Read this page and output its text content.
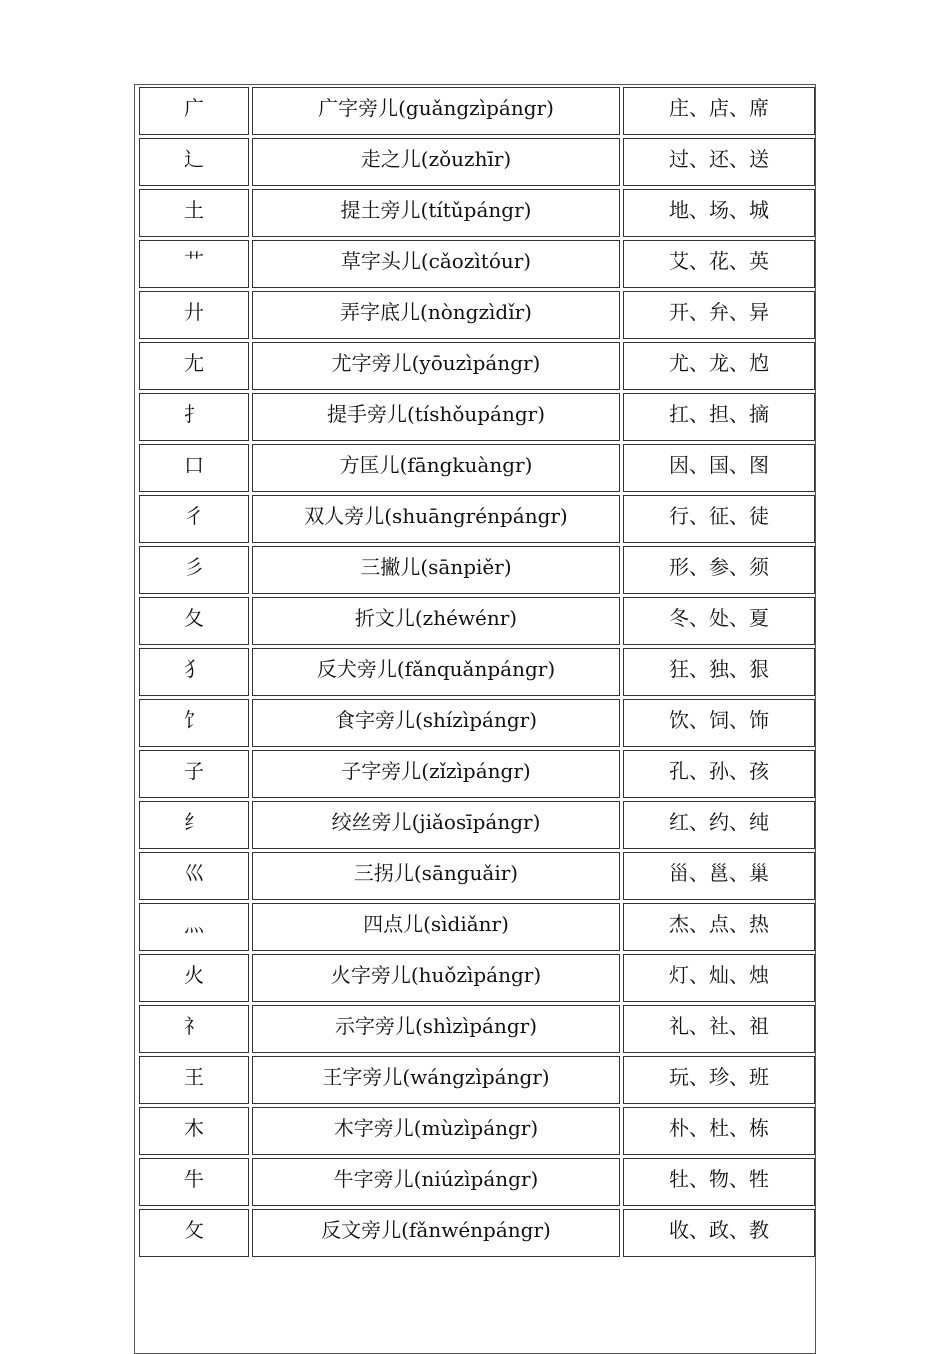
广	广字旁儿(guǎngzìpángr)	庄、店、席

辶	走之儿(zǒuzhīr)	过、还、送

土	提土旁儿(títǔpángr)	地、场、城

艹	草字头儿(cǎozìtóur)	艾、花、英

廾	弄字底儿(nòngzìdǐr)	开、弁、异

尢	尤字旁儿(yōuzìpángr)	尤、龙、尥

扌	提手旁儿(tíshǒupángr)	扛、担、摘

口	方匡儿(fāngkuàngr)	因、国、图

彳	双人旁儿(shuāngrénpángr)	行、征、徒

彡	三撇儿(sānpiěr)	形、参、须

夂	折文儿(zhéwénr)	冬、处、夏

犭	反犬旁儿(fǎnquǎnpángr)	狂、独、狠

饣	食字旁儿(shízìpángr)	饮、饲、饰

子	子字旁儿(zǐzìpángr)	孔、孙、孩

纟	绞丝旁儿(jiǎosīpángr)	红、约、纯

巛	三拐儿(sānguǎir)	甾、邕、巢

灬	四点儿(sìdiǎnr)	杰、点、热

火	火字旁儿(huǒzìpángr)	灯、灿、烛

礻	示字旁儿(shìzìpángr)	礼、社、祖

王	王字旁儿(wángzìpángr)	玩、珍、班

木	木字旁儿(mùzìpángr)	朴、杜、栋

牛	牛字旁儿(niúzìpángr)	牡、物、牲

攵	反文旁儿(fǎnwénpángr)	收、政、教
